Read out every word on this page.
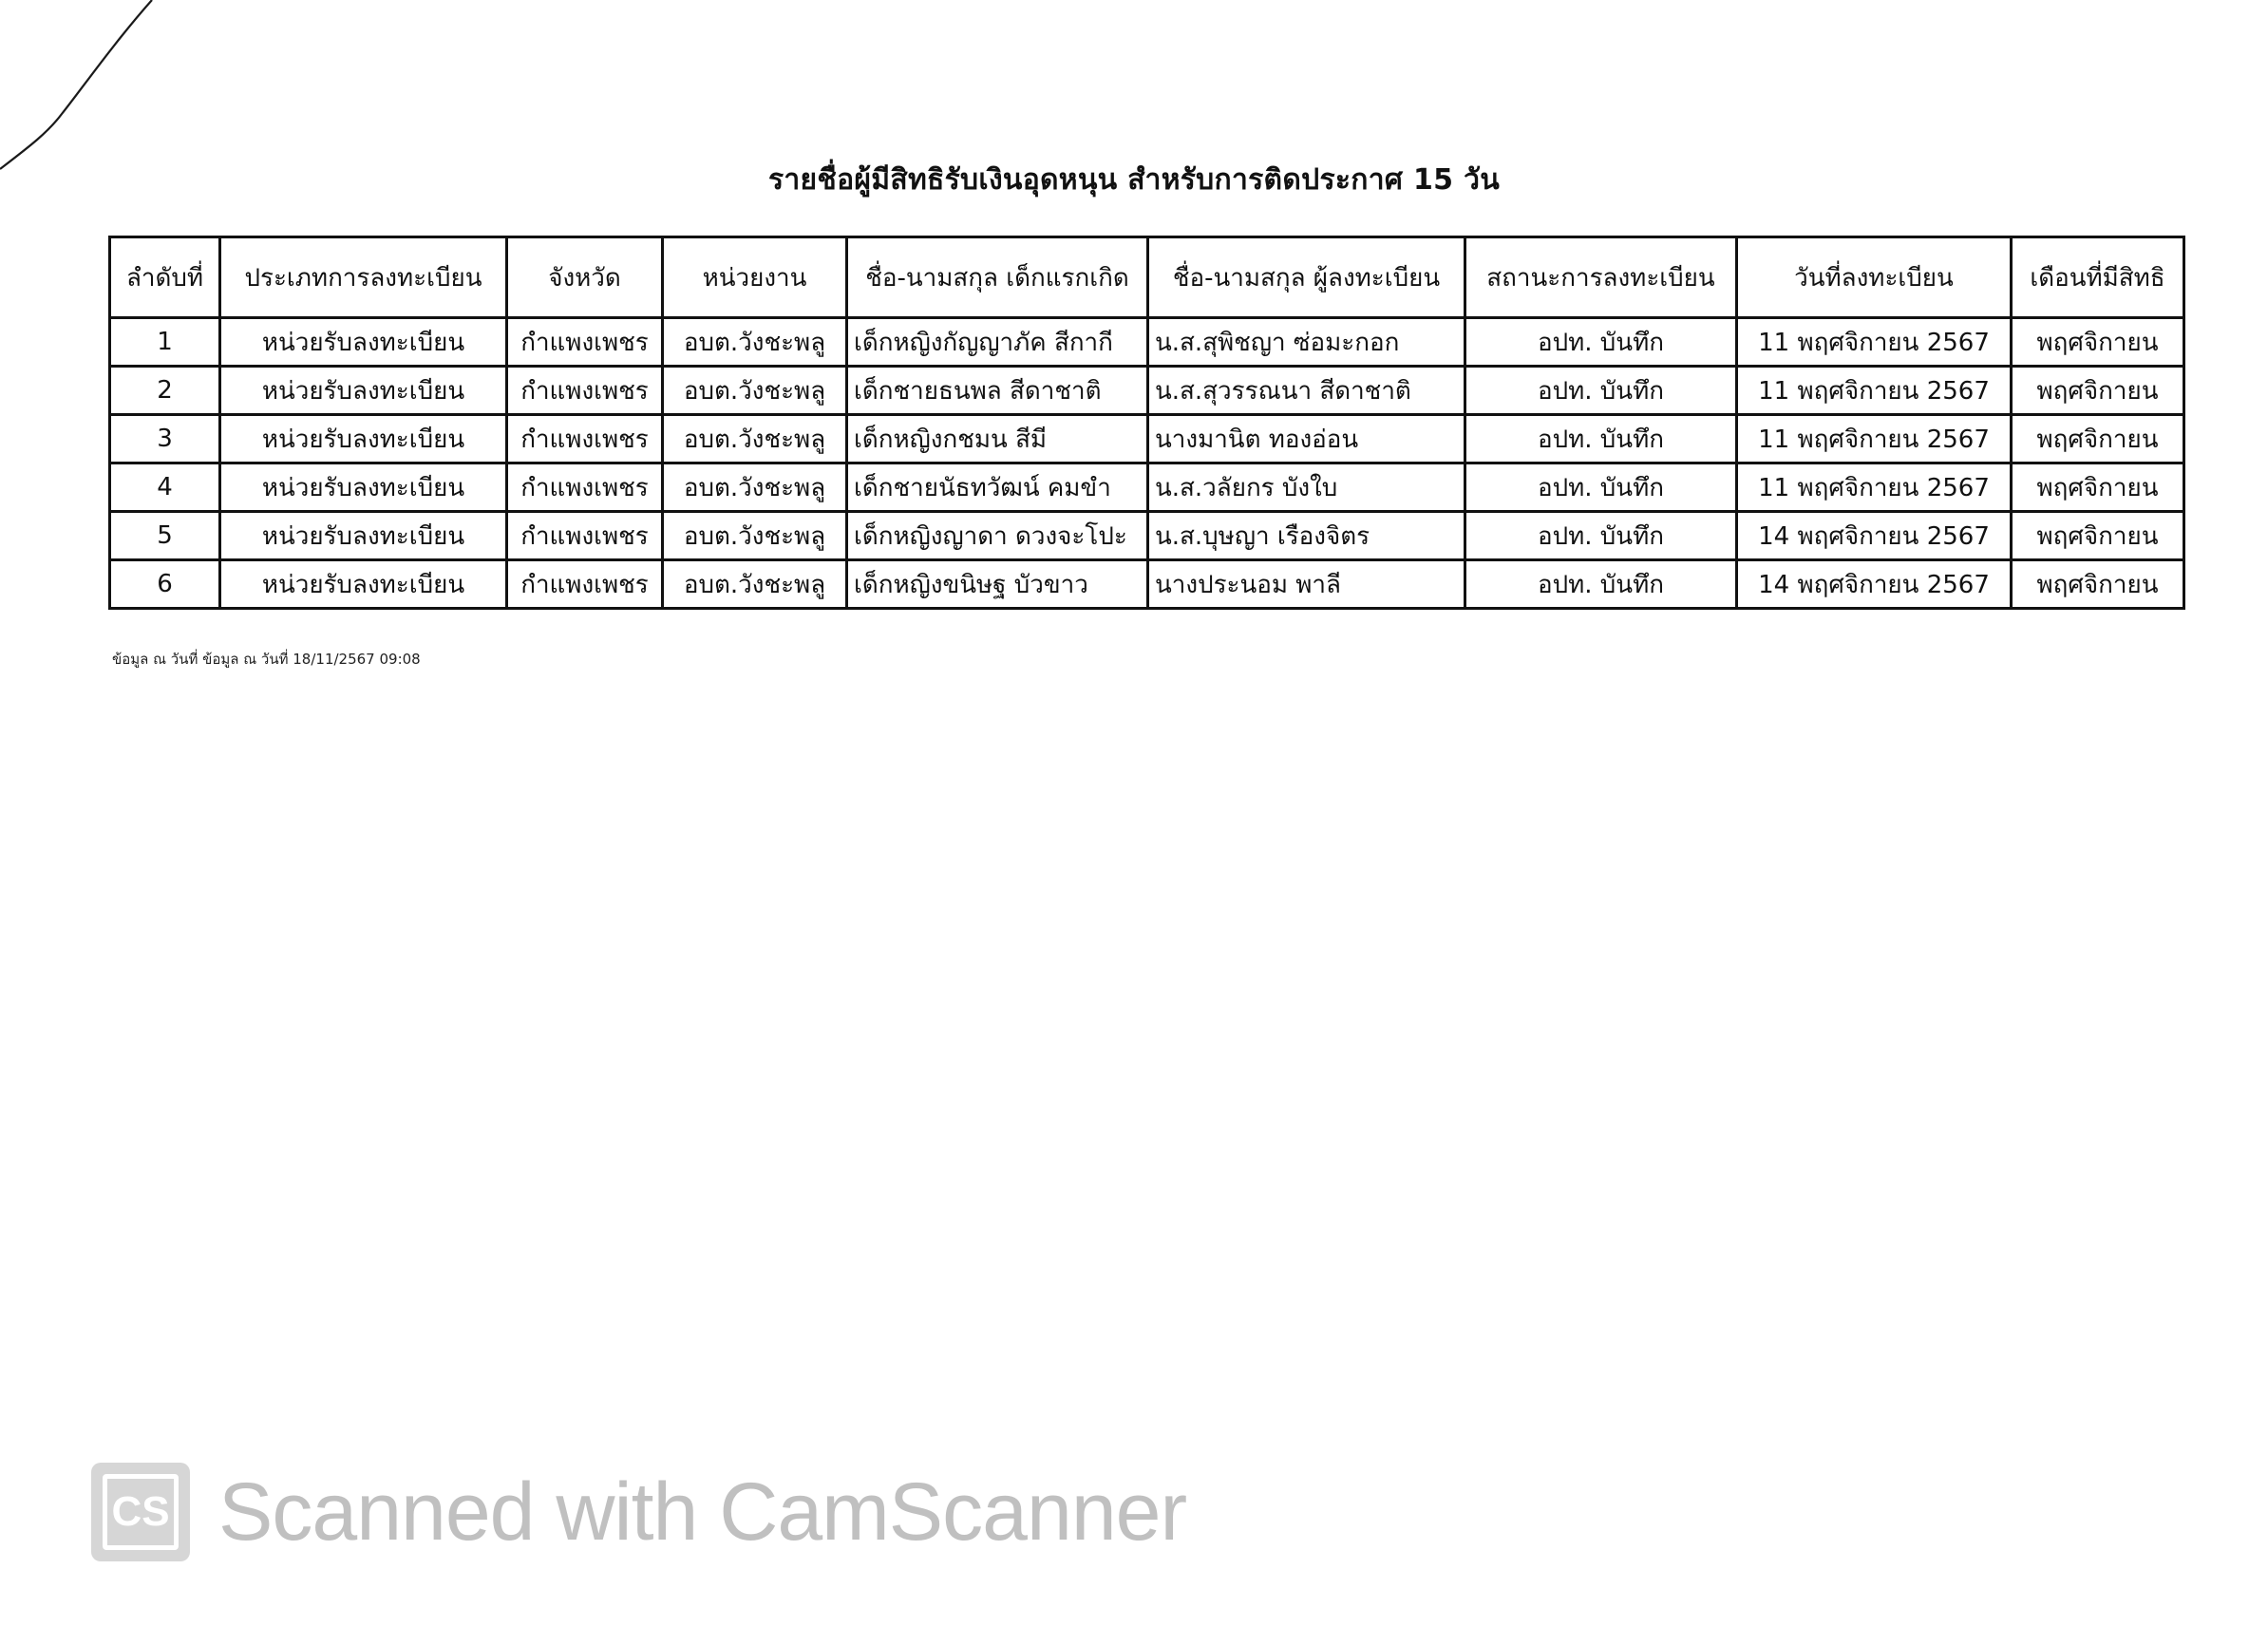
รายชื่อผู้มีสิทธิรับเงินอุดหนุน สำหรับการติดประกาศ 15 วัน
ลำดับที่	ประเภทการลงทะเบียน	จังหวัด	หน่วยงาน	ชื่อ-นามสกุล เด็กแรกเกิด	ชื่อ-นามสกุล ผู้ลงทะเบียน	สถานะการลงทะเบียน	วันที่ลงทะเบียน	เดือนที่มีสิทธิ
1	หน่วยรับลงทะเบียน	กำแพงเพชร	อบต.วังชะพลู	เด็กหญิงกัญญาภัค สีกากี	น.ส.สุพิชญา ซ่อมะกอก	อปท. บันทึก	11 พฤศจิกายน 2567	พฤศจิกายน
2	หน่วยรับลงทะเบียน	กำแพงเพชร	อบต.วังชะพลู	เด็กชายธนพล สีดาชาติ	น.ส.สุวรรณนา สีดาชาติ	อปท. บันทึก	11 พฤศจิกายน 2567	พฤศจิกายน
3	หน่วยรับลงทะเบียน	กำแพงเพชร	อบต.วังชะพลู	เด็กหญิงกชมน สีมี	นางมานิต ทองอ่อน	อปท. บันทึก	11 พฤศจิกายน 2567	พฤศจิกายน
4	หน่วยรับลงทะเบียน	กำแพงเพชร	อบต.วังชะพลู	เด็กชายนัธทวัฒน์ คมขำ	น.ส.วลัยกร บังใบ	อปท. บันทึก	11 พฤศจิกายน 2567	พฤศจิกายน
5	หน่วยรับลงทะเบียน	กำแพงเพชร	อบต.วังชะพลู	เด็กหญิงญาดา ดวงจะโปะ	น.ส.บุษญา เรืองจิตร	อปท. บันทึก	14 พฤศจิกายน 2567	พฤศจิกายน
6	หน่วยรับลงทะเบียน	กำแพงเพชร	อบต.วังชะพลู	เด็กหญิงขนิษฐ บัวขาว	นางประนอม พาลี	อปท. บันทึก	14 พฤศจิกายน 2567	พฤศจิกายน
ข้อมูล ณ วันที่ ข้อมูล ณ วันที่ 18/11/2567 09:08
CS Scanned with CamScanner
